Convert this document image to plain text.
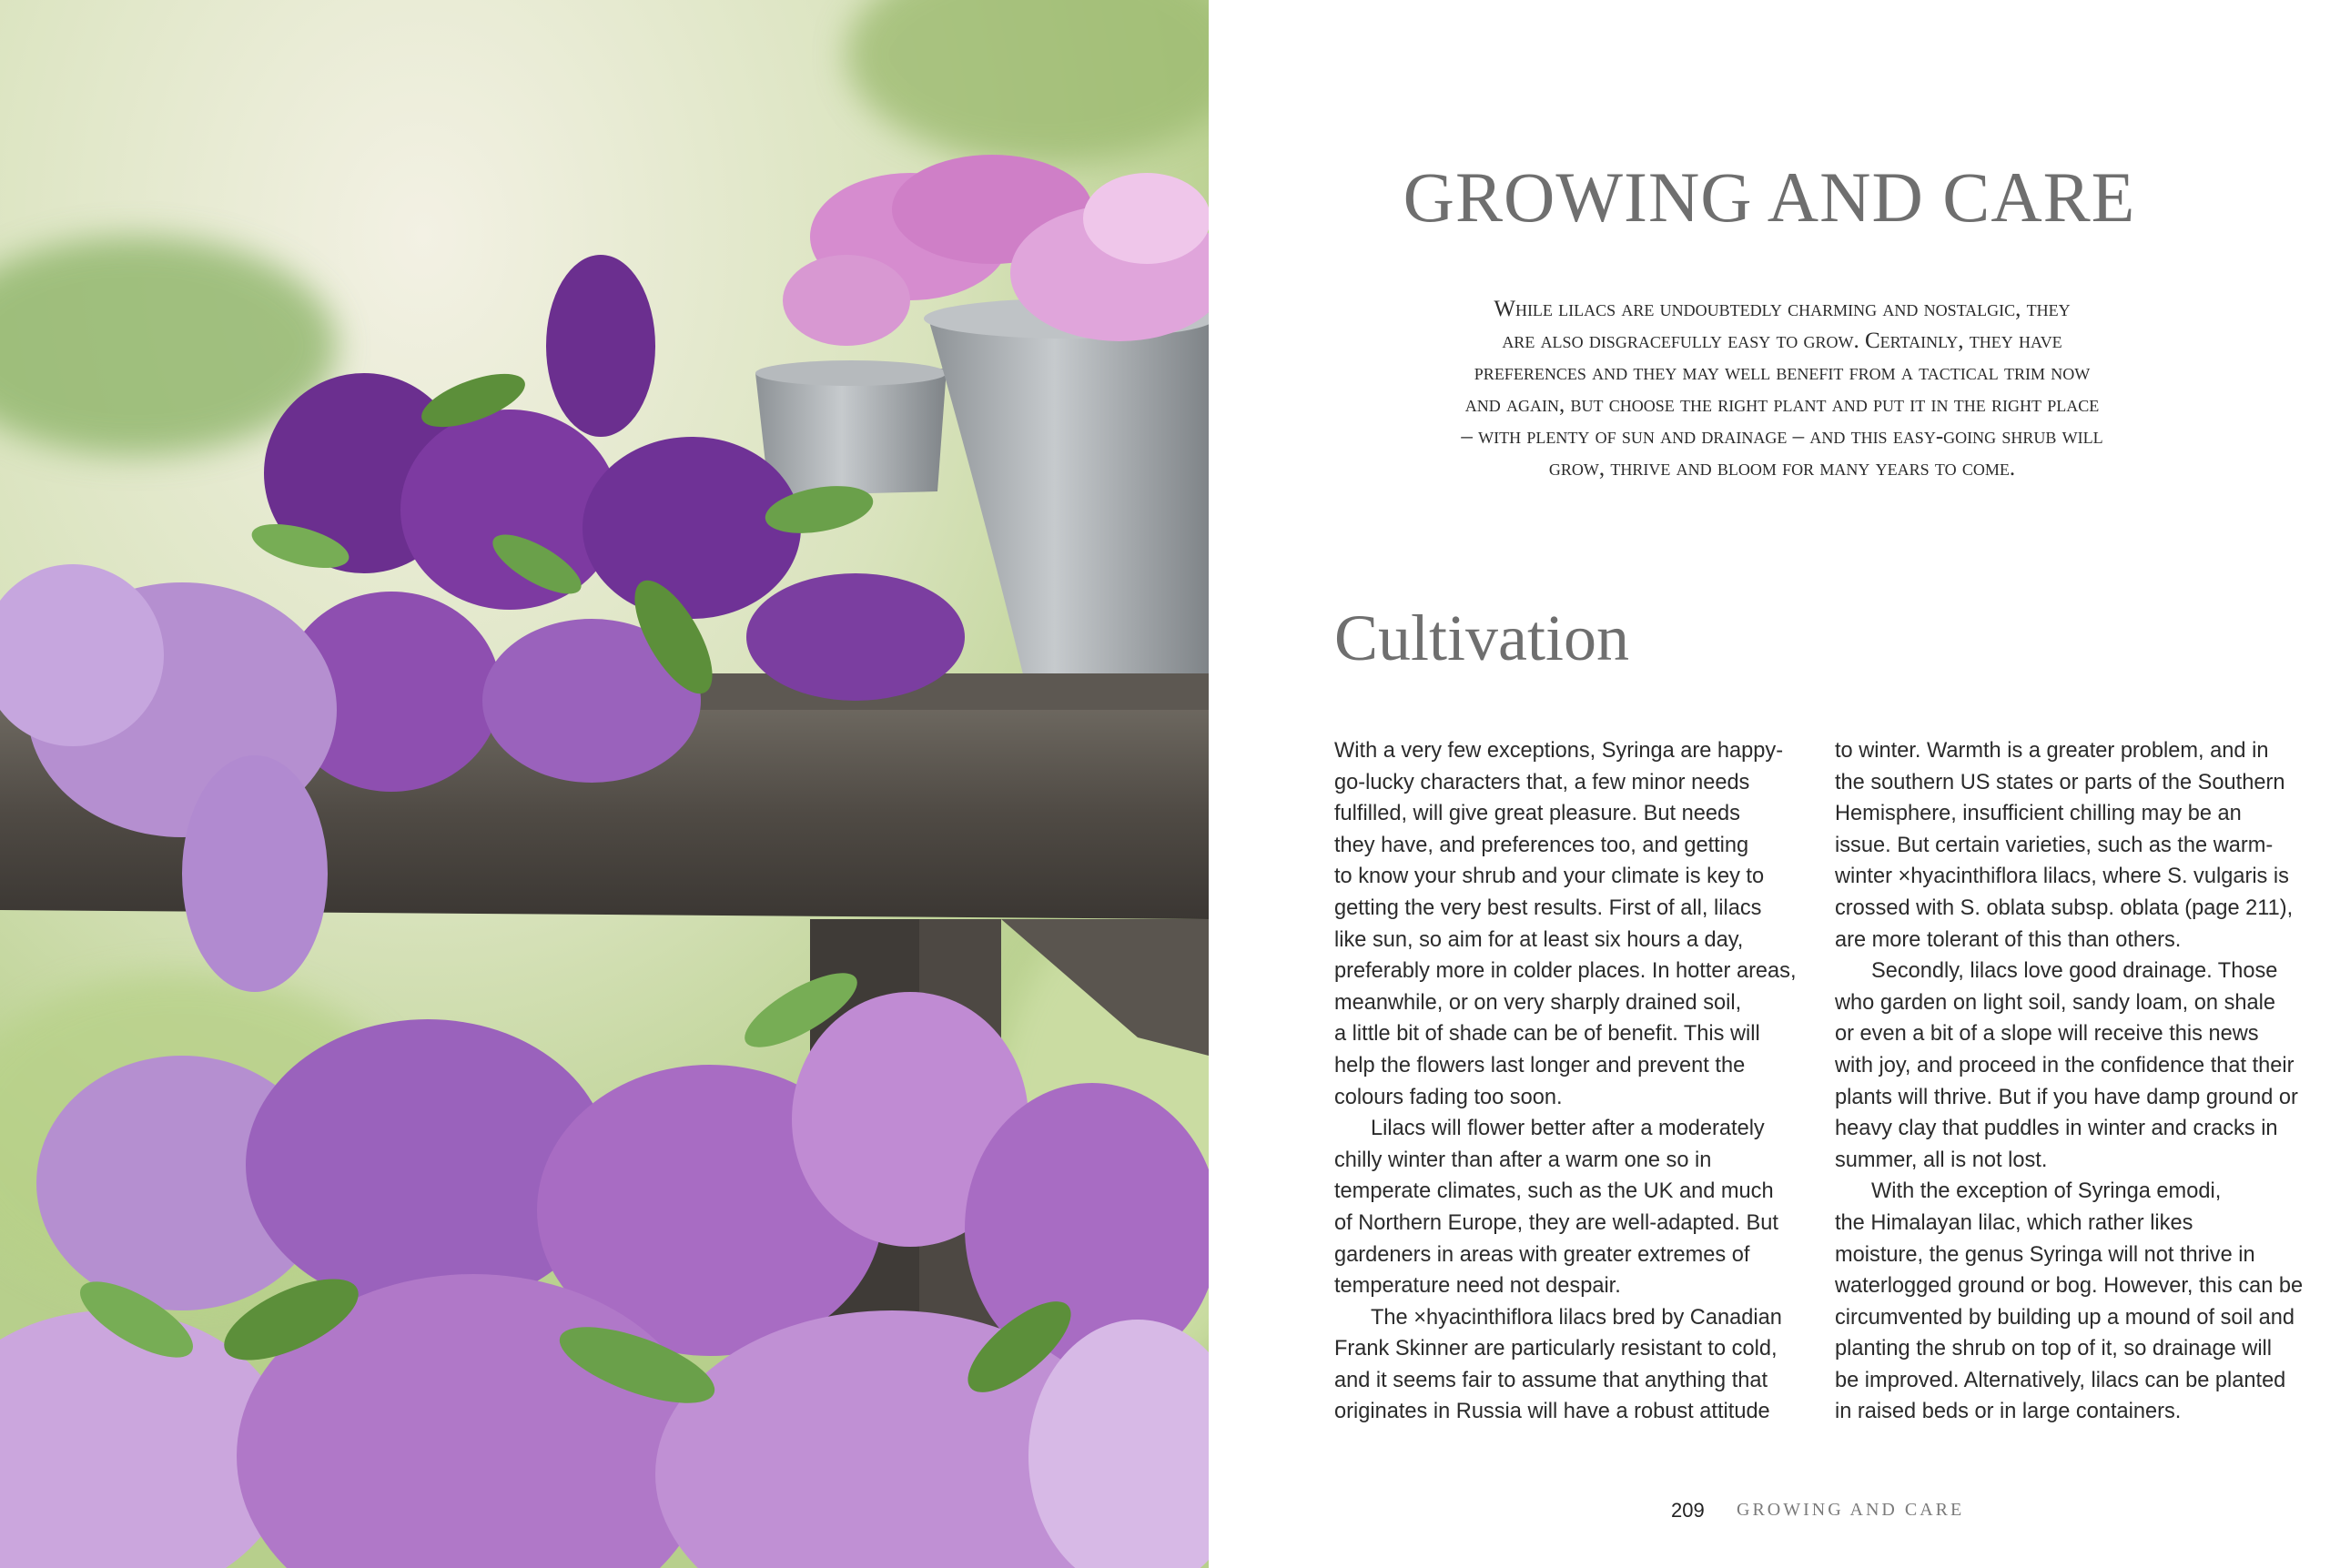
GROWING AND CARE
While lilacs are undoubtedly charming and nostalgic, they
are also disgracefully easy to grow. Certainly, they have
preferences and they may well benefit from a tactical trim now
and again, but choose the right plant and put it in the right place
– with plenty of sun and drainage – and this easy-going shrub will
grow, thrive and bloom for many years to come.
Cultivation

With a very few exceptions, Syringa are happy-
go-lucky characters that, a few minor needs
fulfilled, will give great pleasure. But needs
they have, and preferences too, and getting
to know your shrub and your climate is key to
getting the very best results. First of all, lilacs
like sun, so aim for at least six hours a day,
preferably more in colder places. In hotter areas,
meanwhile, or on very sharply drained soil,
a little bit of shade can be of benefit. This will
help the flowers last longer and prevent the
colours fading too soon.

Lilacs will flower better after a moderately
chilly winter than after a warm one so in
temperate climates, such as the UK and much
of Northern Europe, they are well-adapted. But
gardeners in areas with greater extremes of
temperature need not despair.

The ×hyacinthiflora lilacs bred by Canadian
Frank Skinner are particularly resistant to cold,
and it seems fair to assume that anything that
originates in Russia will have a robust attitude

to winter. Warmth is a greater problem, and in
the southern US states or parts of the Southern
Hemisphere, insufficient chilling may be an
issue. But certain varieties, such as the warm-
winter ×hyacinthiflora lilacs, where S. vulgaris is
crossed with S. oblata subsp. oblata (page 211),
are more tolerant of this than others.

Secondly, lilacs love good drainage. Those
who garden on light soil, sandy loam, on shale
or even a bit of a slope will receive this news
with joy, and proceed in the confidence that their
plants will thrive. But if you have damp ground or
heavy clay that puddles in winter and cracks in
summer, all is not lost.

With the exception of Syringa emodi,
the Himalayan lilac, which rather likes
moisture, the genus Syringa will not thrive in
waterlogged ground or bog. However, this can be
circumvented by building up a mound of soil and
planting the shrub on top of it, so drainage will
be improved. Alternatively, lilacs can be planted
in raised beds or in large containers.

209 GROWING AND CARE
